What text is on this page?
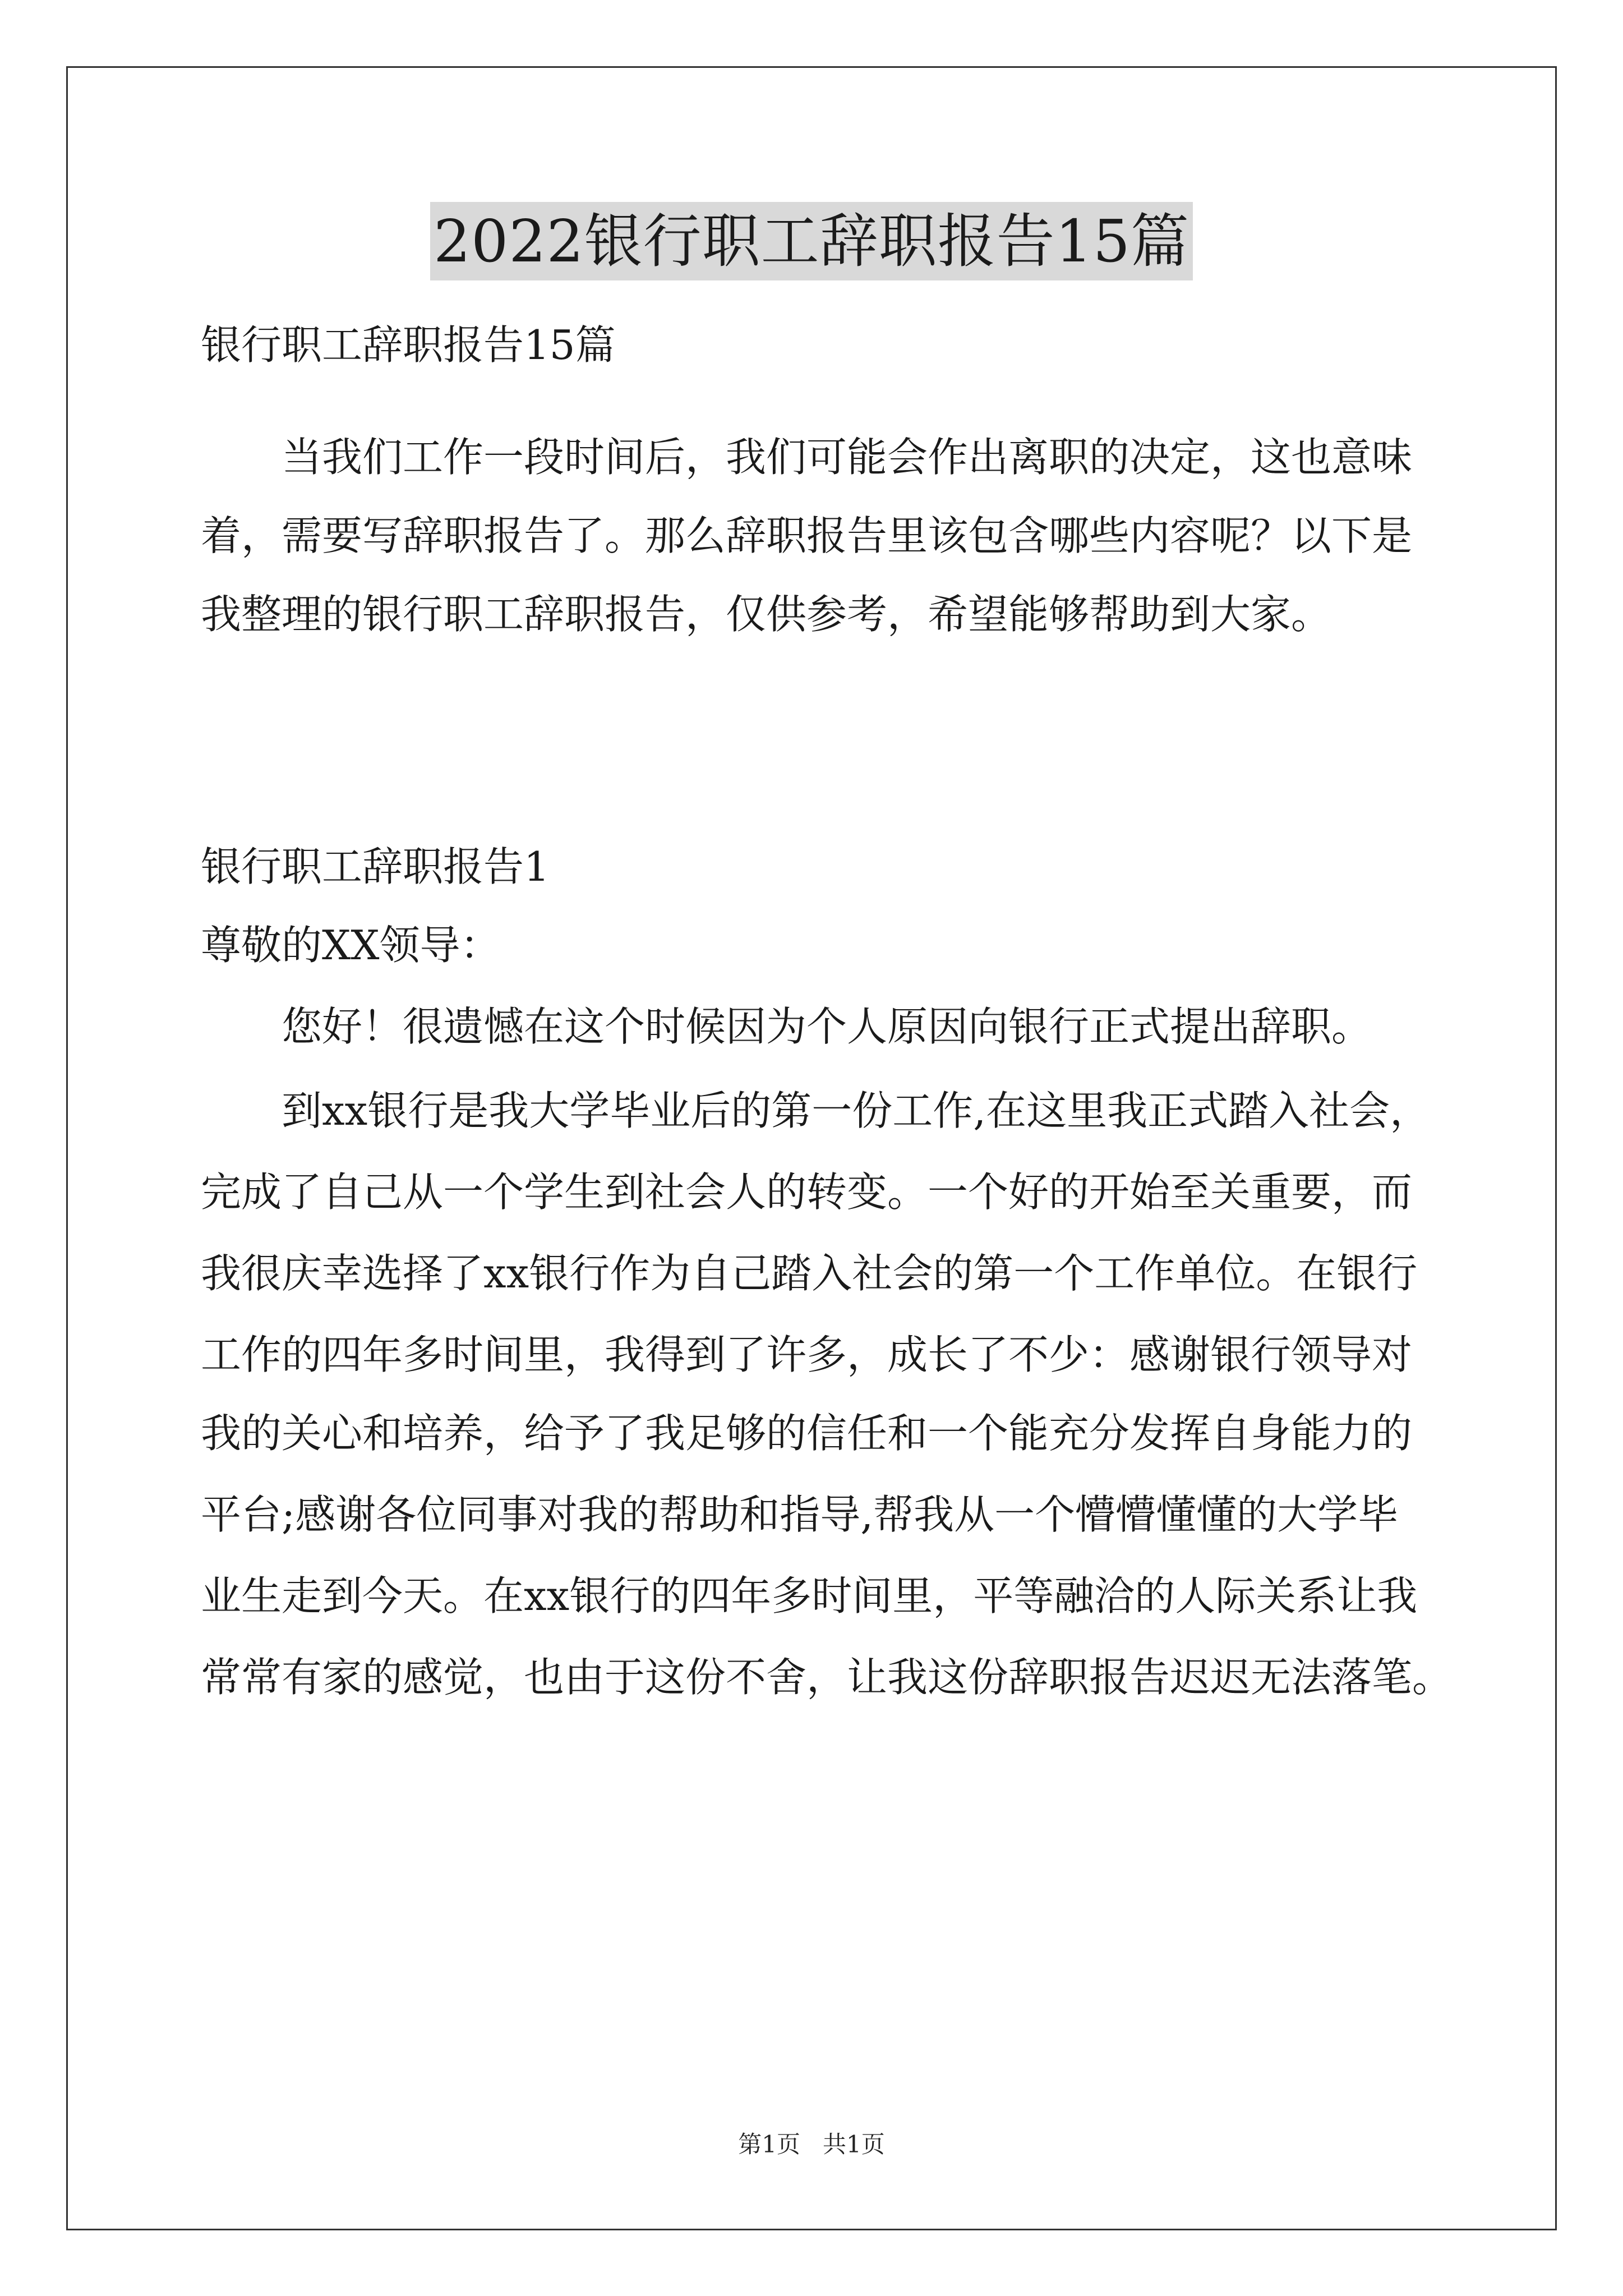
2022银行职工辞职报告15篇
银行职工辞职报告15篇
当我们工作一段时间后，我们可能会作出离职的决定，这也意味
着，需要写辞职报告了。那么辞职报告里该包含哪些内容呢？以下是
我整理的银行职工辞职报告，仅供参考，希望能够帮助到大家。
银行职工辞职报告1
尊敬的XX领导：
您好！很遗憾在这个时候因为个人原因向银行正式提出辞职。
到xx银行是我大学毕业后的第一份工作,在这里我正式踏入社会，
完成了自己从一个学生到社会人的转变。一个好的开始至关重要，而
我很庆幸选择了xx银行作为自己踏入社会的第一个工作单位。在银行
工作的四年多时间里，我得到了许多，成长了不少：感谢银行领导对
我的关心和培养，给予了我足够的信任和一个能充分发挥自身能力的
平台;感谢各位同事对我的帮助和指导,帮我从一个懵懵懂懂的大学毕
业生走到今天。在xx银行的四年多时间里，平等融洽的人际关系让我
常常有家的感觉，也由于这份不舍，让我这份辞职报告迟迟无法落笔。
第1页 共1页
